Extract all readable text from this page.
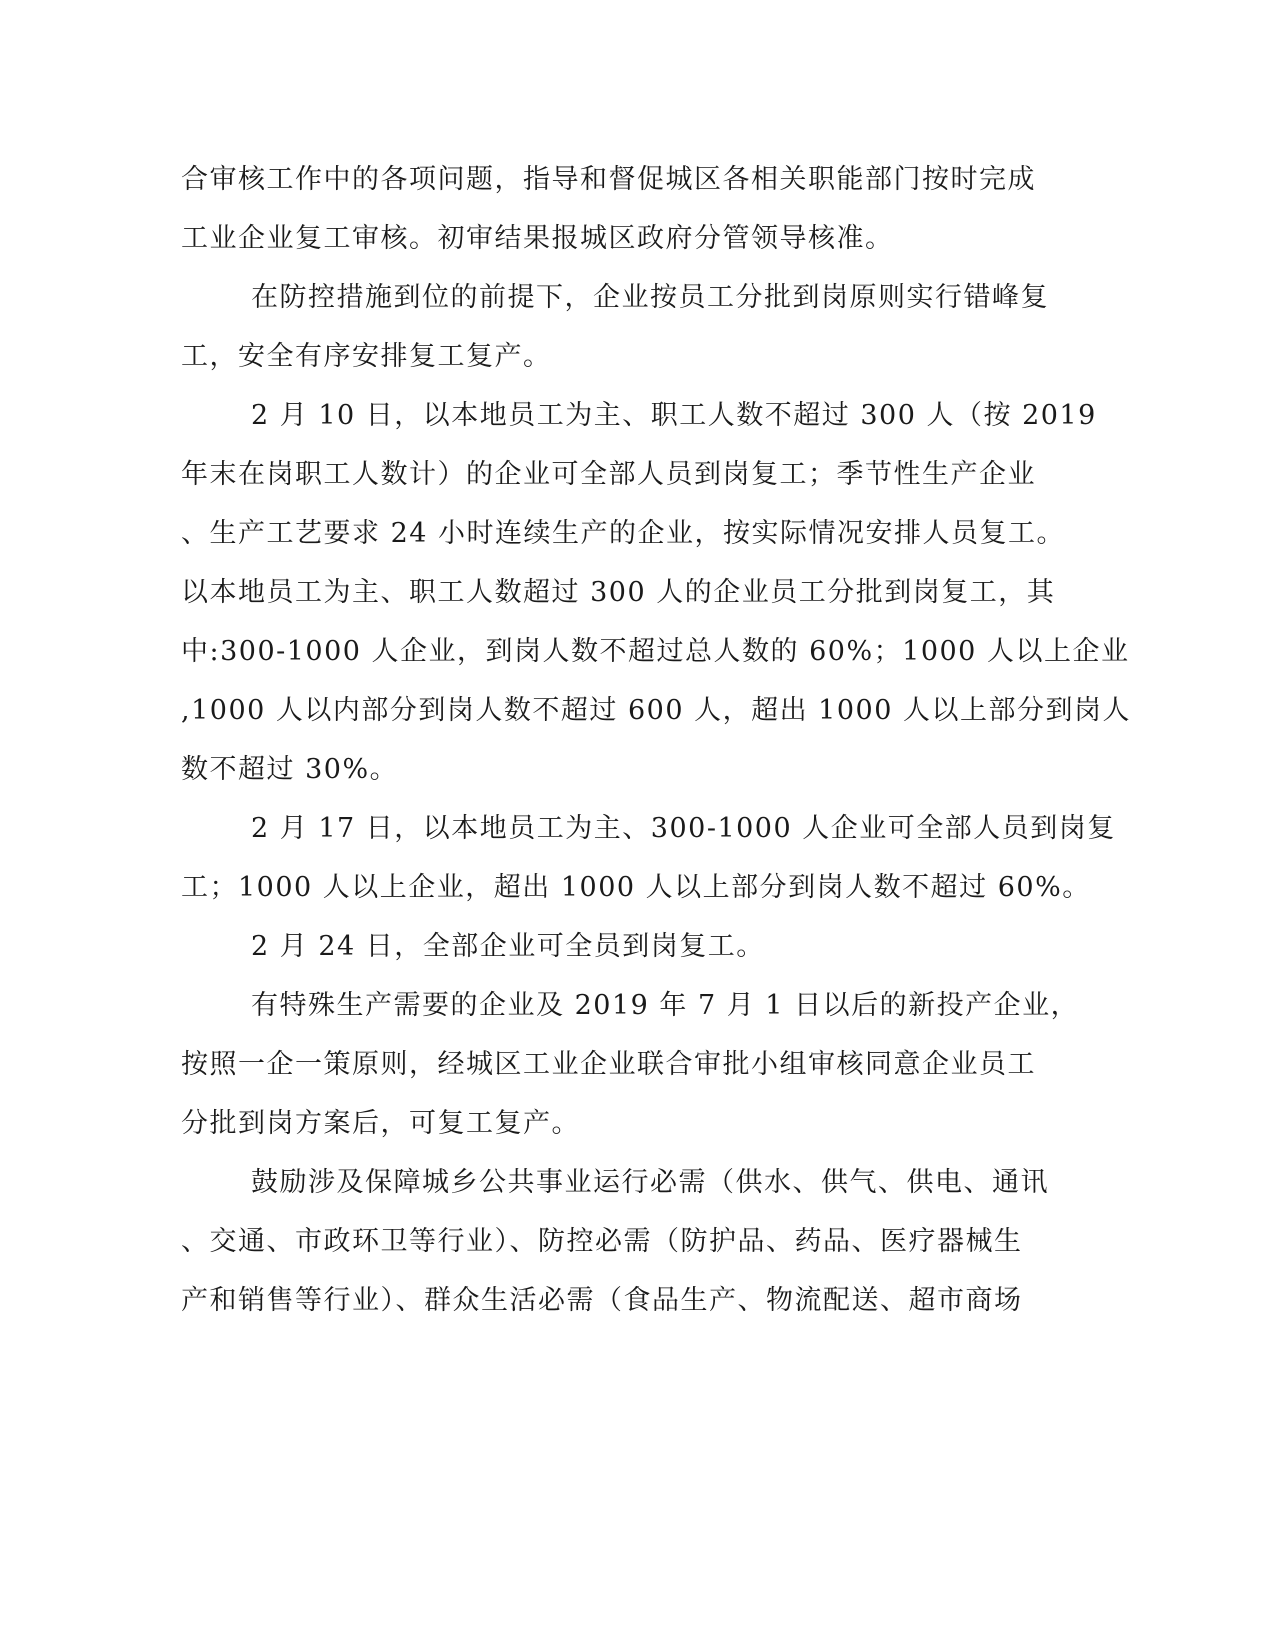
合审核工作中的各项问题，指导和督促城区各相关职能部门按时完成
工业企业复工审核。初审结果报城区政府分管领导核准。

在防控措施到位的前提下，企业按员工分批到岗原则实行错峰复
工，安全有序安排复工复产。

2 月 10 日，以本地员工为主、职工人数不超过 300 人（按 2019
年末在岗职工人数计）的企业可全部人员到岗复工；季节性生产企业
、生产工艺要求 24 小时连续生产的企业，按实际情况安排人员复工。
以本地员工为主、职工人数超过 300 人的企业员工分批到岗复工，其
中:300-1000 人企业，到岗人数不超过总人数的 60%；1000 人以上企业
,1000 人以内部分到岗人数不超过 600 人，超出 1000 人以上部分到岗人
数不超过 30%。

2 月 17 日，以本地员工为主、300-1000 人企业可全部人员到岗复
工；1000 人以上企业，超出 1000 人以上部分到岗人数不超过 60%。

2 月 24 日，全部企业可全员到岗复工。

有特殊生产需要的企业及 2019 年 7 月 1 日以后的新投产企业，
按照一企一策原则，经城区工业企业联合审批小组审核同意企业员工
分批到岗方案后，可复工复产。

鼓励涉及保障城乡公共事业运行必需（供水、供气、供电、通讯
、交通、市政环卫等行业）、防控必需（防护品、药品、医疗器械生
产和销售等行业）、群众生活必需（食品生产、物流配送、超市商场
